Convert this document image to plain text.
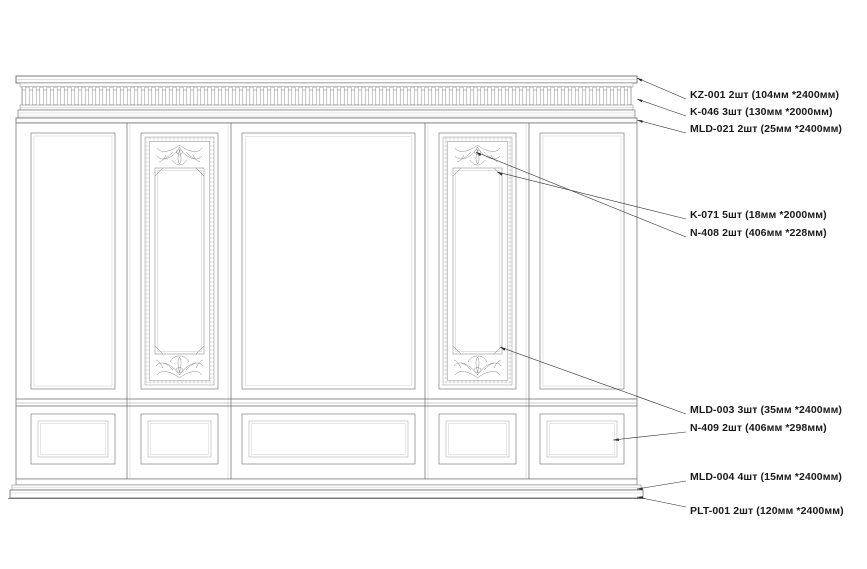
KZ-001 2шт (104мм *2400мм)
K-046 3шт (130мм *2000мм)
MLD-021 2шт (25мм *2400мм)
K-071 5шт (18мм *2000мм)
N-408 2шт (406мм *228мм)
MLD-003 3шт (35мм *2400мм)
N-409 2шт (406мм *298мм)
MLD-004 4шт (15мм *2400мм)
PLT-001 2шт (120мм *2400мм)
